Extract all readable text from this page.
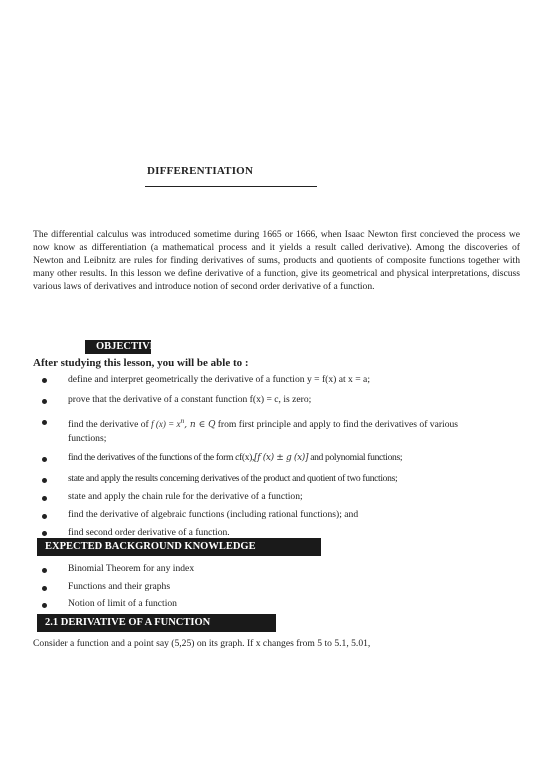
DIFFERENTIATION
The differential calculus was introduced sometime during 1665 or 1666, when Isaac Newton first concieved the process we now know as differentiation (a mathematical process and it yields a result called derivative). Among the discoveries of Newton and Leibnitz are rules for finding derivatives of sums, products and quotients of composite functions together with many other results. In this lesson we define derivative of a function, give its geometrical and physical interpretations, discuss various laws of derivatives and introduce notion of second order derivative of a function.
OBJECTIVES
After studying this lesson, you will be able to :
define and interpret geometrically the derivative of a function y = f(x) at x = a;
prove that the derivative of a constant function f(x) = c, is zero;
find the derivative of f $(x) = x^n$, n ∈ Q from first principle and apply to find the derivatives of various functions;
find the derivatives of the functions of the form cf(x),[f (x) ± g (x)] and polynomial functions;
state and apply the results concerning derivatives of the product and quotient of two functions;
state and apply the chain rule for the derivative of a function;
find the derivative of algebraic functions (including rational functions); and
find second order derivative of a function.
EXPECTED BACKGROUND KNOWLEDGE
Binomial Theorem for any index
Functions and their graphs
Notion of limit of a function
2.1 DERIVATIVE OF A FUNCTION
Consider a function and a point say (5,25) on its graph. If x changes from 5 to 5.1, 5.01,
